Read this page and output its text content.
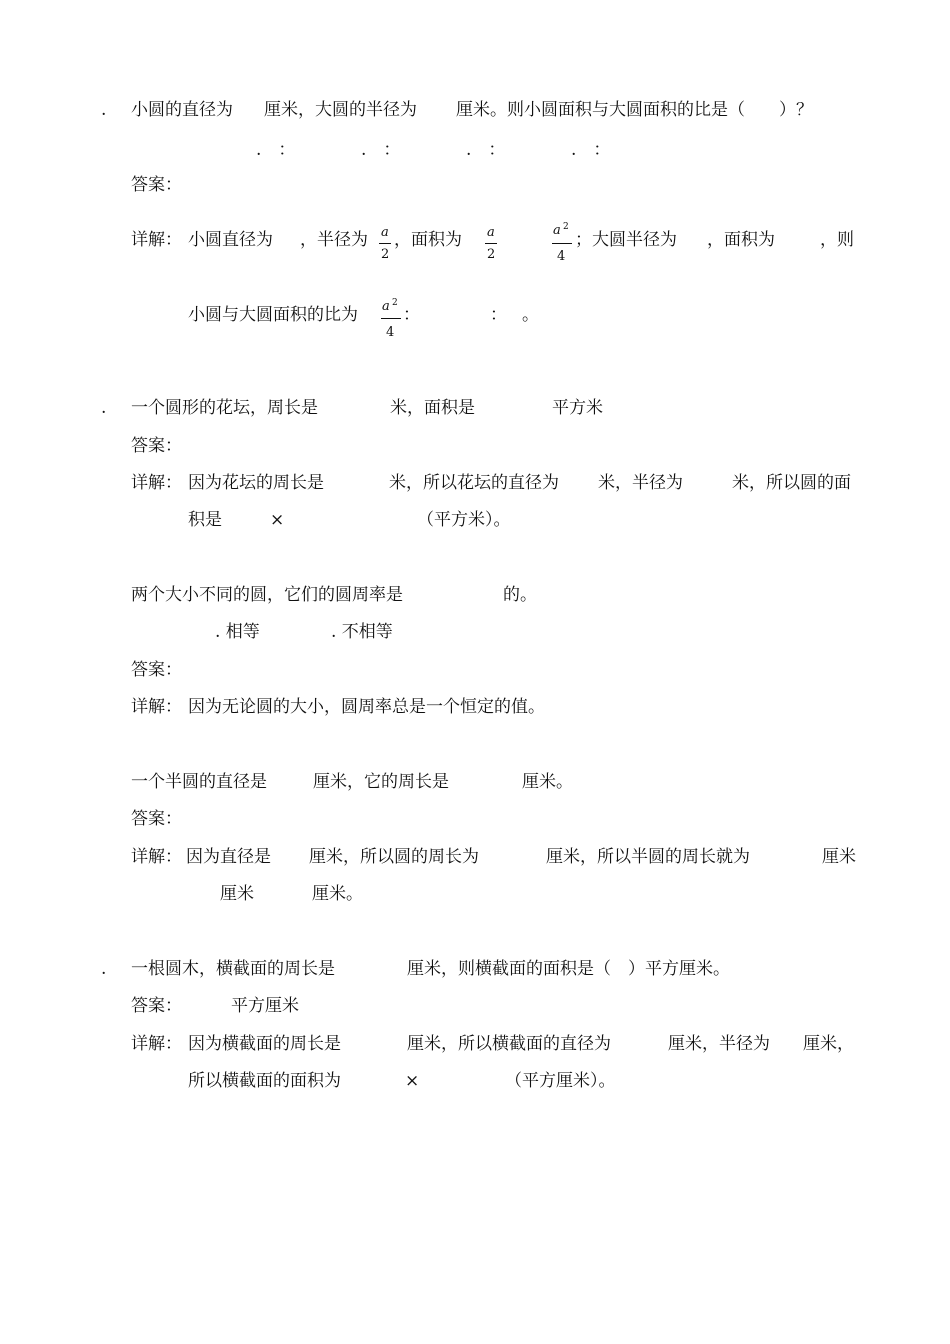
. 小圆的直径为 厘米，大圆的半径为 厘米。则小圆面积与大圆面积的比是（　　）？
.　：	.　：	.　：	.　：
答案：
详解： 小圆直径为 ，半径为 a
2
，面积为 a
2
a 2
4
；大圆半径为 ，面积为	，则
小圆与大圆面积的比为 a 2
4
：	： 。
. 一个圆形的花坛，周长是	米，面积是	平方米
答案：
详解： 因为花坛的周长是	米，所以花坛的直径为 米，半径为	米，所以圆的面
积是	×	（平方米）。
两个大小不同的圆，它们的圆周率是	的。
. 相等	. 不相等
答案：
详解： 因为无论圆的大小，圆周率总是一个恒定的值。
一个半圆的直径是	厘米，它的周长是	厘米。
答案：
详解： 因为直径是 厘米，所以圆的周长为	厘米，所以半圆的周长就为	厘米
厘米	厘米。
. 一根圆木，横截面的周长是	厘米，则横截面的面积是（　）平方厘米。
答案：	平方厘米
详解： 因为横截面的周长是	厘米，所以横截面的直径为	厘米，半径为 厘米，
所以横截面的面积为	×	（平方厘米）。
